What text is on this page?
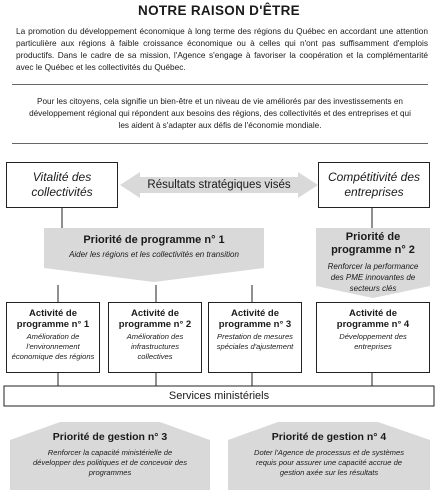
NOTRE RAISON D'ÊTRE
La promotion du développement économique à long terme des régions du Québec en accordant une attention particulière aux régions à faible croissance économique ou à celles qui n'ont pas suffisamment d'emplois productifs. Dans le cadre de sa mission, l'Agence s'engage à favoriser la coopération et la complémentarité avec le Québec et les collectivités du Québec.
Pour les citoyens, cela signifie un bien-être et un niveau de vie améliorés par des investissements en développement régional qui répondent aux besoins des régions, des collectivités et des entreprises et qui les aident à s'adapter aux défis de l'économie mondiale.
Vitalité des collectivités	Résultats stratégiques visés
Compétitivité des entreprises
Priorité de programme n° 1
Aider les régions et les collectivités en transition
Priorité de programme n° 2
Renforcer la performance des PME innovantes de secteurs clés
Activité de programme n° 1
Amélioration de l'environnement économique des régions
Activité de programme n° 2
Amélioration des infrastructures collectives
Activité de programme n° 3
Prestation de mesures spéciales d'ajustement
Activité de programme n° 4
Développement des entreprises
Services ministériels
Priorité de gestion n° 3
Renforcer la capacité ministérielle de développer des politiques et de concevoir des programmes
Priorité de gestion n° 4
Doter l'Agence de processus et de systèmes requis pour assurer une capacité accrue de gestion axée sur les résultats
